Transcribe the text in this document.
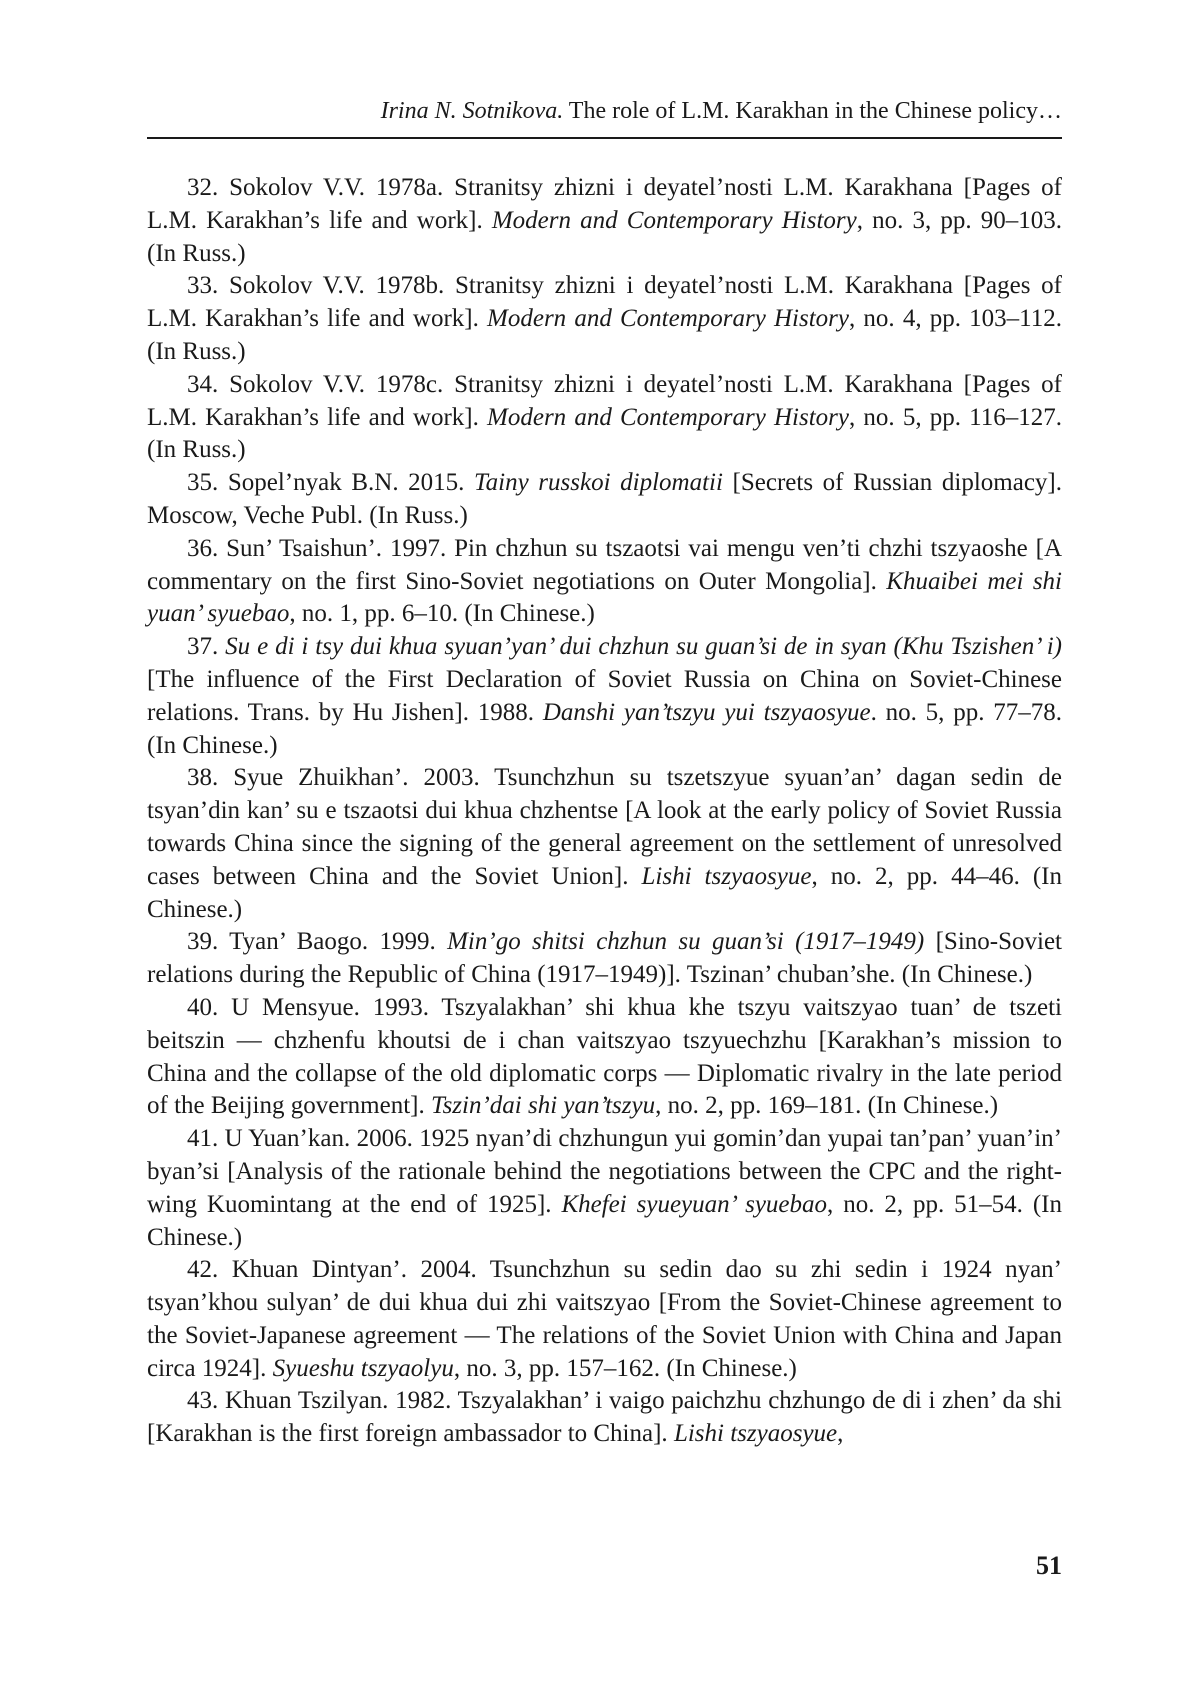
Irina N. Sotnikova. The role of L.M. Karakhan in the Chinese policy…

32. Sokolov V.V. 1978a. Stranitsy zhizni i deyatel’nosti L.M. Karakhana [Pages of L.M. Karakhan’s life and work]. Modern and Contemporary History, no. 3, pp. 90–103. (In Russ.)

33. Sokolov V.V. 1978b. Stranitsy zhizni i deyatel’nosti L.M. Karakhana [Pages of L.M. Karakhan’s life and work]. Modern and Contemporary History, no. 4, pp. 103–112. (In Russ.)

34. Sokolov V.V. 1978c. Stranitsy zhizni i deyatel’nosti L.M. Karakhana [Pages of L.M. Karakhan’s life and work]. Modern and Contemporary History, no. 5, pp. 116–127. (In Russ.)

35. Sopel’nyak B.N. 2015. Tainy russkoi diplomatii [Secrets of Russian diplomacy]. Moscow, Veche Publ. (In Russ.)

36. Sun’ Tsaishun’. 1997. Pin chzhun su tszaotsi vai mengu ven’ti chzhi tszyaoshe [A commentary on the first Sino-Soviet negotiations on Outer Mongolia]. Khuaibei mei shi yuan’ syuebao, no. 1, pp. 6–10. (In Chinese.)

37. Su e di i tsy dui khua syuan’yan’ dui chzhun su guan’si de in syan (Khu Tszishen’ i) [The influence of the First Declaration of Soviet Russia on China on Soviet-Chinese relations. Trans. by Hu Jishen]. 1988. Danshi yan’tszyu yui tszyaosyue. no. 5, pp. 77–78. (In Chinese.)

38. Syue Zhuikhan’. 2003. Tsunchzhun su tszetszyue syuan’an’ dagan sedin de tsyan’din kan’ su e tszaotsi dui khua chzhentse [A look at the early policy of Soviet Russia towards China since the signing of the general agreement on the settlement of unresolved cases between China and the Soviet Union]. Lishi tszyaosyue, no. 2, pp. 44–46. (In Chinese.)

39. Tyan’ Baogo. 1999. Min’go shitsi chzhun su guan’si (1917–1949) [Sino-Soviet relations during the Republic of China (1917–1949)]. Tszinan’ chuban’she. (In Chinese.)

40. U Mensyue. 1993. Tszyalakhan’ shi khua khe tszyu vaitszyao tuan’ de tszeti beitszin — chzhenfu khoutsi de i chan vaitszyao tszyuechzhu [Karakhan’s mission to China and the collapse of the old diplomatic corps — Diplomatic rivalry in the late period of the Beijing government]. Tszin’dai shi yan’tszyu, no. 2, pp. 169–181. (In Chinese.)

41. U Yuan’kan. 2006. 1925 nyan’di chzhungun yui gomin’dan yupai tan’pan’ yuan’in’ byan’si [Analysis of the rationale behind the negotiations between the CPC and the right-wing Kuomintang at the end of 1925]. Khefei syueyuan’ syuebao, no. 2, pp. 51–54. (In Chinese.)

42. Khuan Dintyan’. 2004. Tsunchzhun su sedin dao su zhi sedin i 1924 nyan’ tsyan’khou sulyan’ de dui khua dui zhi vaitszyao [From the Soviet-Chinese agreement to the Soviet-Japanese agreement — The relations of the Soviet Union with China and Japan circa 1924]. Syueshu tszyaolyu, no. 3, pp. 157–162. (In Chinese.)

43. Khuan Tszilyan. 1982. Tszyalakhan’ i vaigo paichzhu chzhungo de di i zhen’ da shi [Karakhan is the first foreign ambassador to China]. Lishi tszyaosyue,

51
